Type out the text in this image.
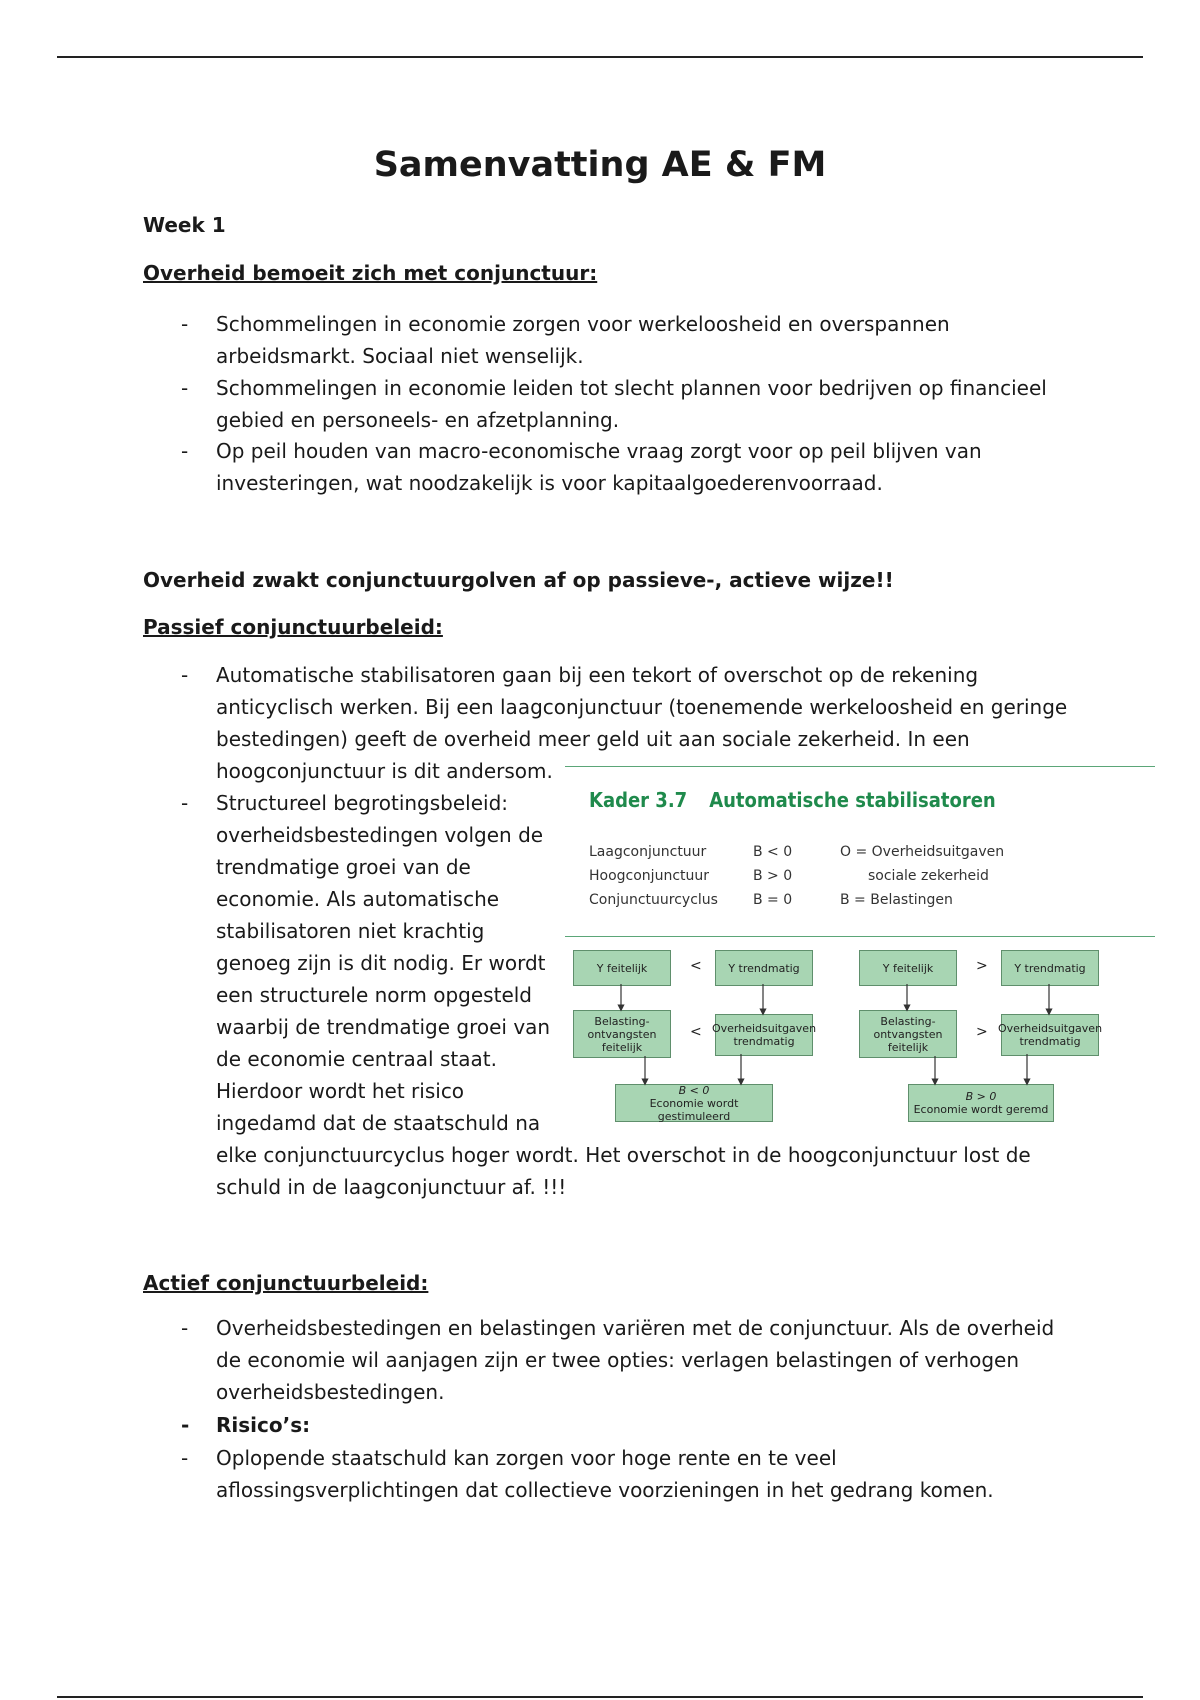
Samenvatting AE & FM
Week 1
Overheid bemoeit zich met conjunctuur:
- Schommelingen in economie zorgen voor werkeloosheid en overspannen
arbeidsmarkt. Sociaal niet wenselijk.
- Schommelingen in economie leiden tot slecht plannen voor bedrijven op financieel
gebied en personeels- en afzetplanning.
- Op peil houden van macro-economische vraag zorgt voor op peil blijven van
investeringen, wat noodzakelijk is voor kapitaalgoederenvoorraad.
Overheid zwakt conjunctuurgolven af op passieve-, actieve wijze!!
Passief conjunctuurbeleid:
- Automatische stabilisatoren gaan bij een tekort of overschot op de rekening
anticyclisch werken. Bij een laagconjunctuur (toenemende werkeloosheid en geringe
bestedingen) geeft de overheid meer geld uit aan sociale zekerheid. In een
hoogconjunctuur is dit andersom.
- Structureel begrotingsbeleid:
overheidsbestedingen volgen de
trendmatige groei van de
economie. Als automatische
stabilisatoren niet krachtig
genoeg zijn is dit nodig. Er wordt
een structurele norm opgesteld
waarbij de trendmatige groei van
de economie centraal staat.
Hierdoor wordt het risico
ingedamd dat de staatschuld na
elke conjunctuurcyclus hoger wordt. Het overschot in de hoogconjunctuur lost de
schuld in de laagconjunctuur af. !!!
Kader 3.7 Automatische stabilisatoren
Laagconjunctuur	B < 0	O = Overheidsuitgaven
Hoogconjunctuur	B > 0	sociale zekerheid
Conjunctuurcyclus	B = 0	B = Belastingen
Y feitelijk	<	Y trendmatig
Belasting-
ontvangsten
feitelijk
< Overheidsuitgaven
trendmatig
B < 0
Economie wordt gestimuleerd
Y feitelijk	>	Y trendmatig
Belasting-
ontvangsten
feitelijk
> Overheidsuitgaven
trendmatig
B > 0
Economie wordt geremd
Actief conjunctuurbeleid:
- Overheidsbestedingen en belastingen variëren met de conjunctuur. Als de overheid
de economie wil aanjagen zijn er twee opties: verlagen belastingen of verhogen
overheidsbestedingen.
- Risico’s:
- Oplopende staatschuld kan zorgen voor hoge rente en te veel
aflossingsverplichtingen dat collectieve voorzieningen in het gedrang komen.
